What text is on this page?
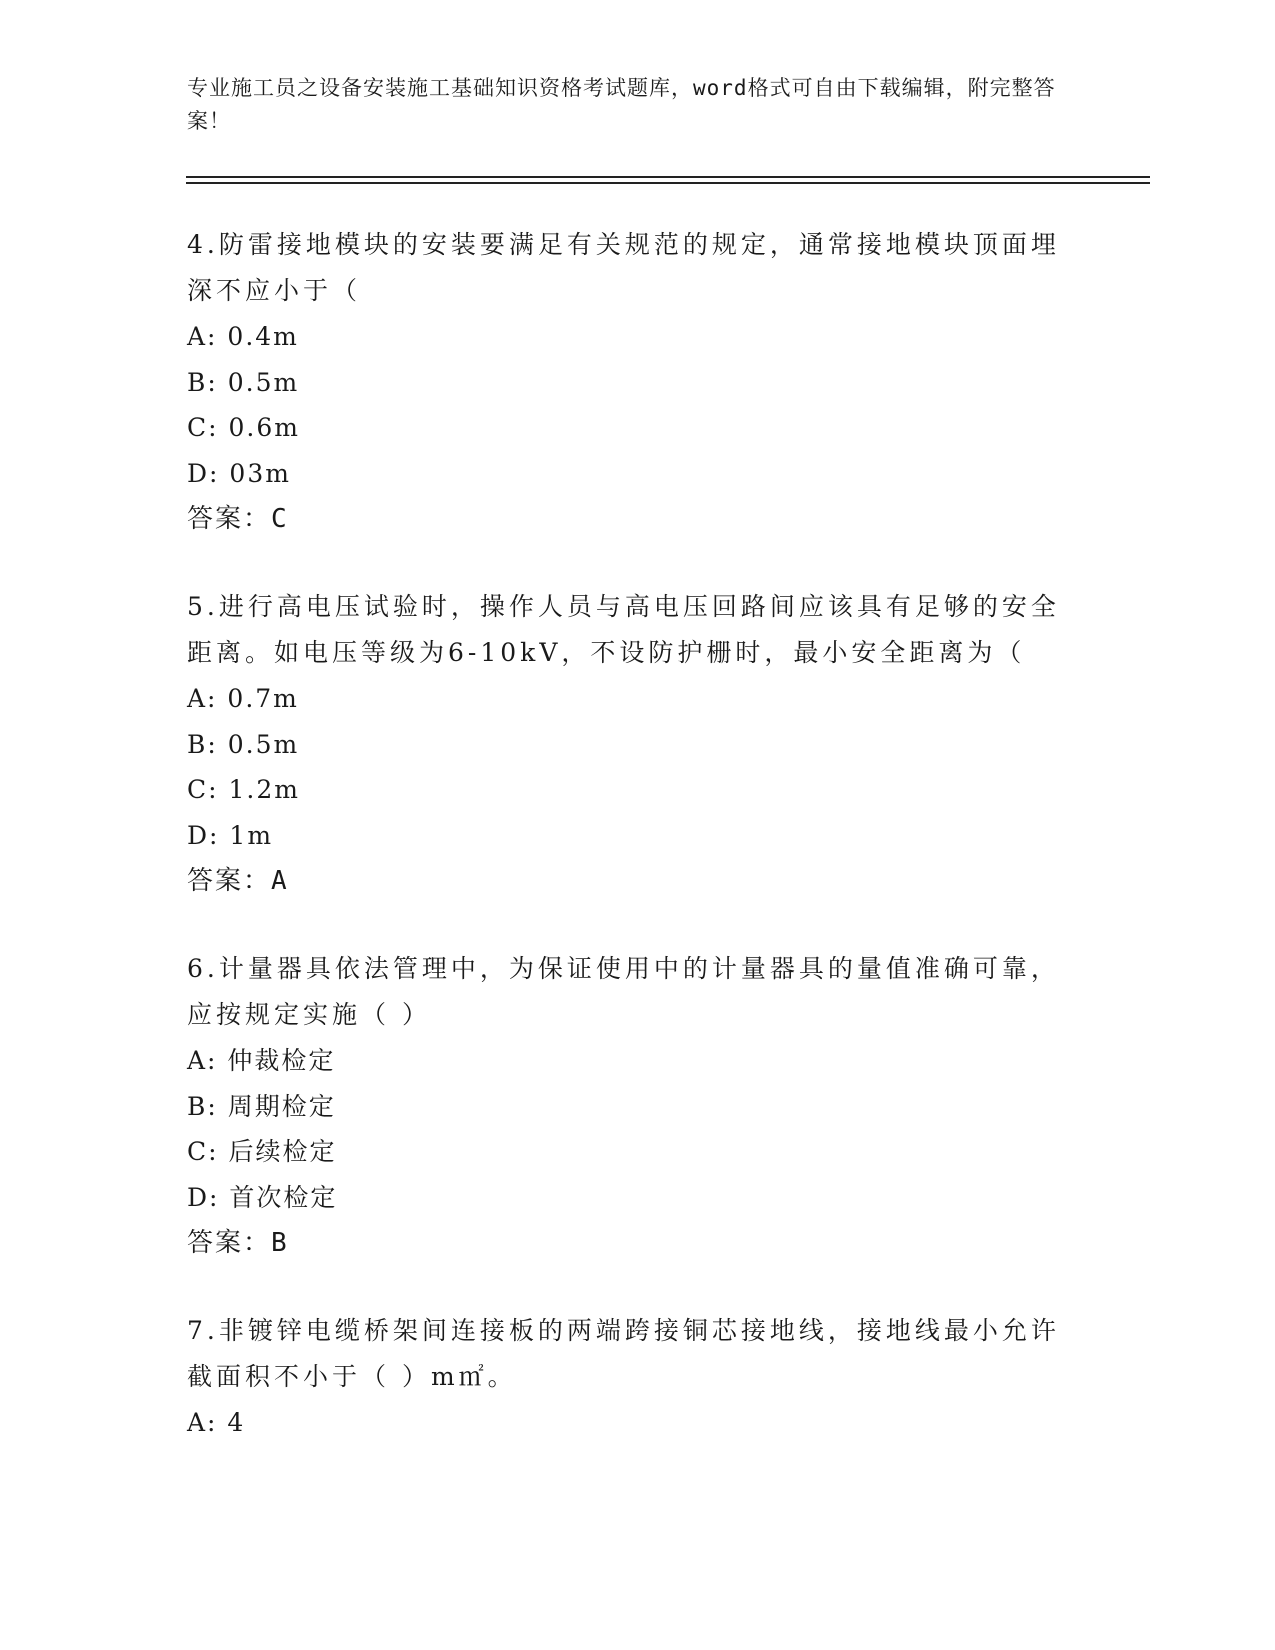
专业施工员之设备安装施工基础知识资格考试题库，word格式可自由下载编辑，附完整答案！
4.防雷接地模块的安装要满足有关规范的规定，通常接地模块顶面埋深不应小于（
A: 0.4m
B: 0.5m
C: 0.6m
D: 03m
答案：C
5.进行高电压试验时，操作人员与高电压回路间应该具有足够的安全距离。如电压等级为6-10kV，不设防护栅时，最小安全距离为（
A: 0.7m
B: 0.5m
C: 1.2m
D: 1m
答案：A
6.计量器具依法管理中，为保证使用中的计量器具的量值准确可靠，应按规定实施（ ）
A: 仲裁检定
B: 周期检定
C: 后续检定
D: 首次检定
答案：B
7.非镀锌电缆桥架间连接板的两端跨接铜芯接地线，接地线最小允许截面积不小于（ ）m㎡。
A: 4
